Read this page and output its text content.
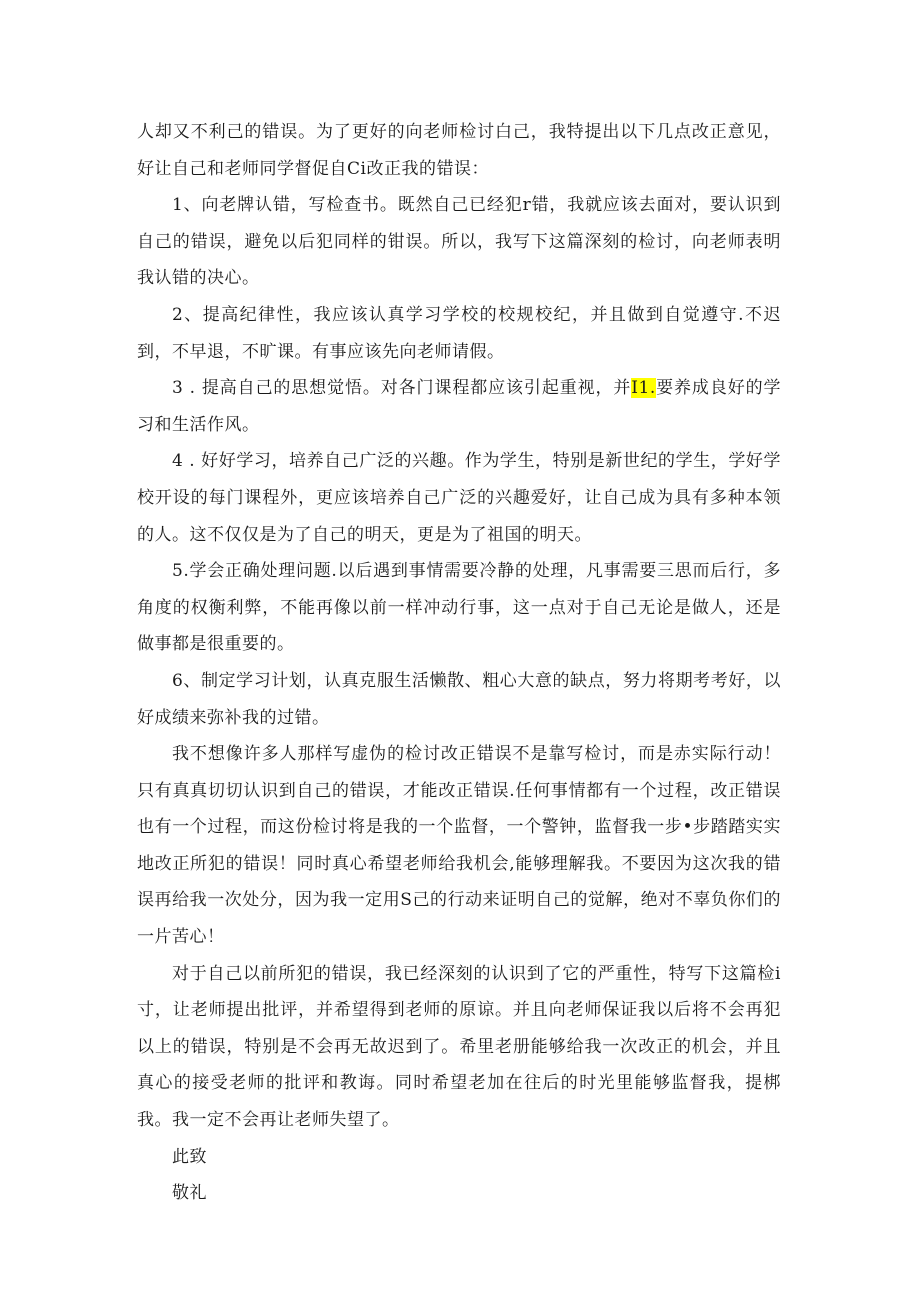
人却又不利己的错误。为了更好的向老师检讨白己，我特提出以下几点改正意见，好让自己和老师同学督促自Ci改正我的错误：

1、向老牌认错，写检查书。既然自己已经犯r错，我就应该去面对，要认识到自己的错误，避免以后犯同样的钳误。所以，我写下这篇深刻的检讨，向老师表明我认错的决心。

2、提高纪律性，我应该认真学习学校的校规校纪，并且做到自觉遵守.不迟到，不早退，不旷课。有事应该先向老师请假。

3 . 提高自己的思想觉悟。对各门课程都应该引起重视，并I1.要养成良好的学习和生活作风。

4 . 好好学习，培养自己广泛的兴趣。作为学生，特别是新世纪的学生，学好学校开设的每门课程外，更应该培养自己广泛的兴趣爱好，让自己成为具有多种本领的人。这不仅仅是为了自己的明天，更是为了祖国的明天。

5.学会正确处理问题.以后遇到事情需要冷静的处理，凡事需要三思而后行，多角度的权衡利弊，不能再像以前一样冲动行事，这一点对于自己无论是做人，还是做事都是很重要的。

6、制定学习计划，认真克服生活懒散、粗心大意的缺点，努力将期考考好，以好成绩来弥补我的过错。

我不想像许多人那样写虚伪的检讨改正错误不是靠写检讨，而是赤实际行动！只有真真切切认识到自己的错误，才能改正错误.任何事情都有一个过程，改正错误也有一个过程，而这份检讨将是我的一个监督，一个警钟，监督我一步•步踏踏实实地改正所犯的错误！同时真心希望老师给我机会,能够理解我。不要因为这次我的错误再给我一次处分，因为我一定用S己的行动来证明自己的觉解，绝对不辜负你们的一片苦心！

对于自己以前所犯的错误，我已经深刻的认识到了它的严重性，特写下这篇检i寸，让老师提出批评，并希望得到老师的原谅。并且向老师保证我以后将不会再犯以上的错误，特别是不会再无故迟到了。希里老册能够给我一次改正的机会，并且真心的接受老师的批评和教诲。同时希望老加在往后的时光里能够监督我，提梆我。我一定不会再让老师失望了。

此致

敬礼
